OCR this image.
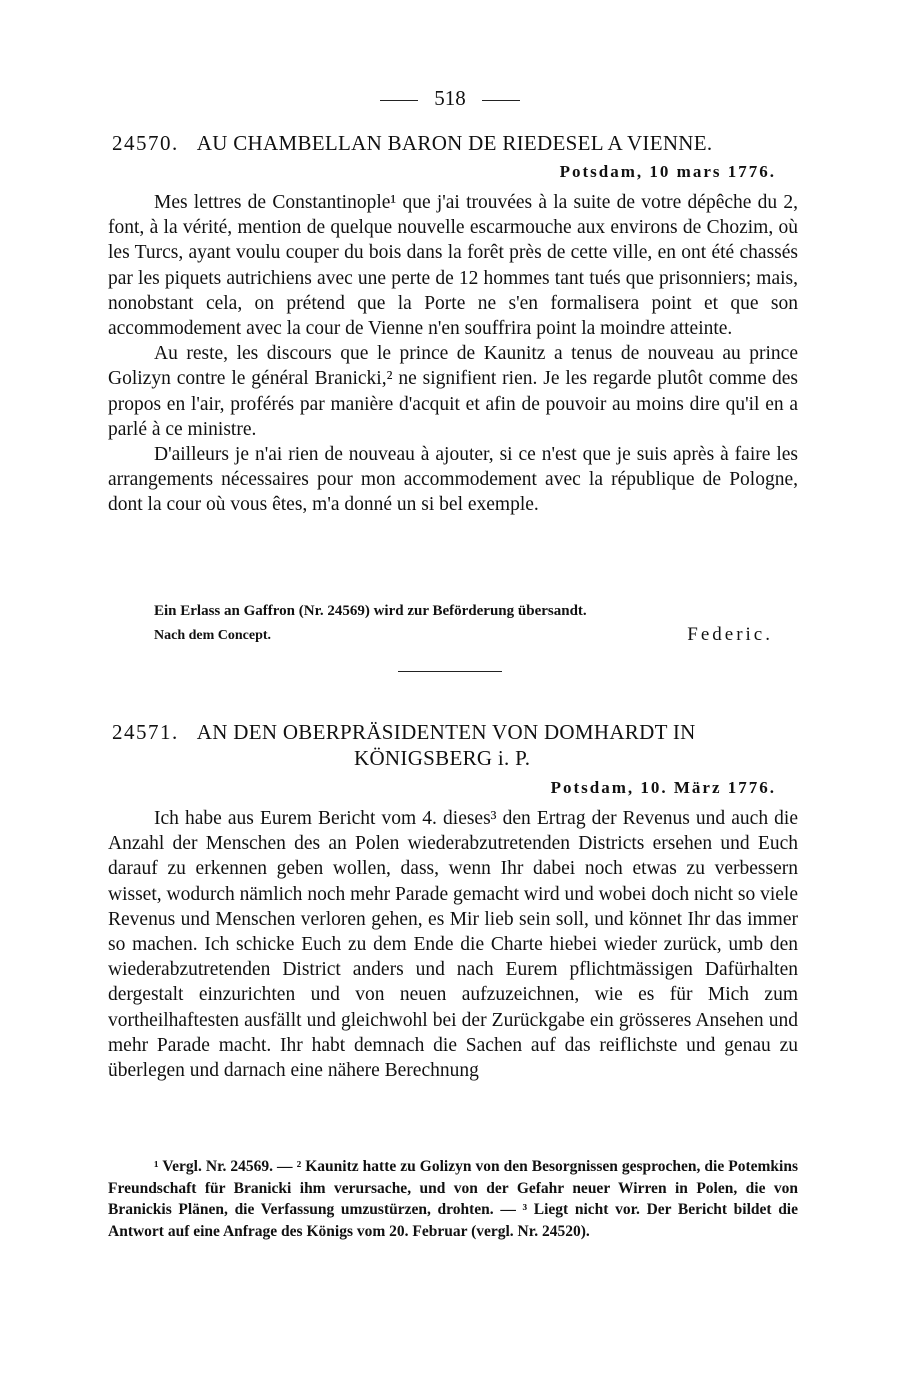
518
24570. AU CHAMBELLAN BARON DE RIEDESEL A VIENNE.
Potsdam, 10 mars 1776.

Mes lettres de Constantinople¹ que j'ai trouvées à la suite de votre dépêche du 2, font, à la vérité, mention de quelque nouvelle escarmouche aux environs de Chozim, où les Turcs, ayant voulu couper du bois dans la forêt près de cette ville, en ont été chassés par les piquets autrichiens avec une perte de 12 hommes tant tués que prisonniers; mais, nonobstant cela, on prétend que la Porte ne s'en formalisera point et que son accommodement avec la cour de Vienne n'en souffrira point la moindre atteinte.

Au reste, les discours que le prince de Kaunitz a tenus de nouveau au prince Golizyn contre le général Branicki,² ne signifient rien. Je les regarde plutôt comme des propos en l'air, proférés par manière d'acquit et afin de pouvoir au moins dire qu'il en a parlé à ce ministre.

D'ailleurs je n'ai rien de nouveau à ajouter, si ce n'est que je suis après à faire les arrangements nécessaires pour mon accommodement avec la république de Pologne, dont la cour où vous êtes, m'a donné un si bel exemple.

Ein Erlass an Gaffron (Nr. 24569) wird zur Beförderung übersandt.
Nach dem Concept.	Federic.
24571. AN DEN OBERPRÄSIDENTEN VON DOMHARDT IN
KÖNIGSBERG i. P.
Potsdam, 10. März 1776.

Ich habe aus Eurem Bericht vom 4. dieses³ den Ertrag der Revenus und auch die Anzahl der Menschen des an Polen wiederabzutretenden Districts ersehen und Euch darauf zu erkennen geben wollen, dass, wenn Ihr dabei noch etwas zu verbessern wisset, wodurch nämlich noch mehr Parade gemacht wird und wobei doch nicht so viele Revenus und Menschen verloren gehen, es Mir lieb sein soll, und könnet Ihr das immer so machen. Ich schicke Euch zu dem Ende die Charte hiebei wieder zurück, umb den wiederabzutretenden District anders und nach Eurem pflichtmässigen Dafürhalten dergestalt einzurichten und von neuen aufzuzeichnen, wie es für Mich zum vortheilhaftesten ausfällt und gleichwohl bei der Zurückgabe ein grösseres Ansehen und mehr Parade macht. Ihr habt demnach die Sachen auf das reiflichste und genau zu überlegen und darnach eine nähere Berechnung

¹ Vergl. Nr. 24569. — ² Kaunitz hatte zu Golizyn von den Besorgnissen gesprochen, die Potemkins Freundschaft für Branicki ihm verursache, und von der Gefahr neuer Wirren in Polen, die von Branickis Plänen, die Verfassung umzustürzen, drohten. — ³ Liegt nicht vor. Der Bericht bildet die Antwort auf eine Anfrage des Königs vom 20. Februar (vergl. Nr. 24520).
